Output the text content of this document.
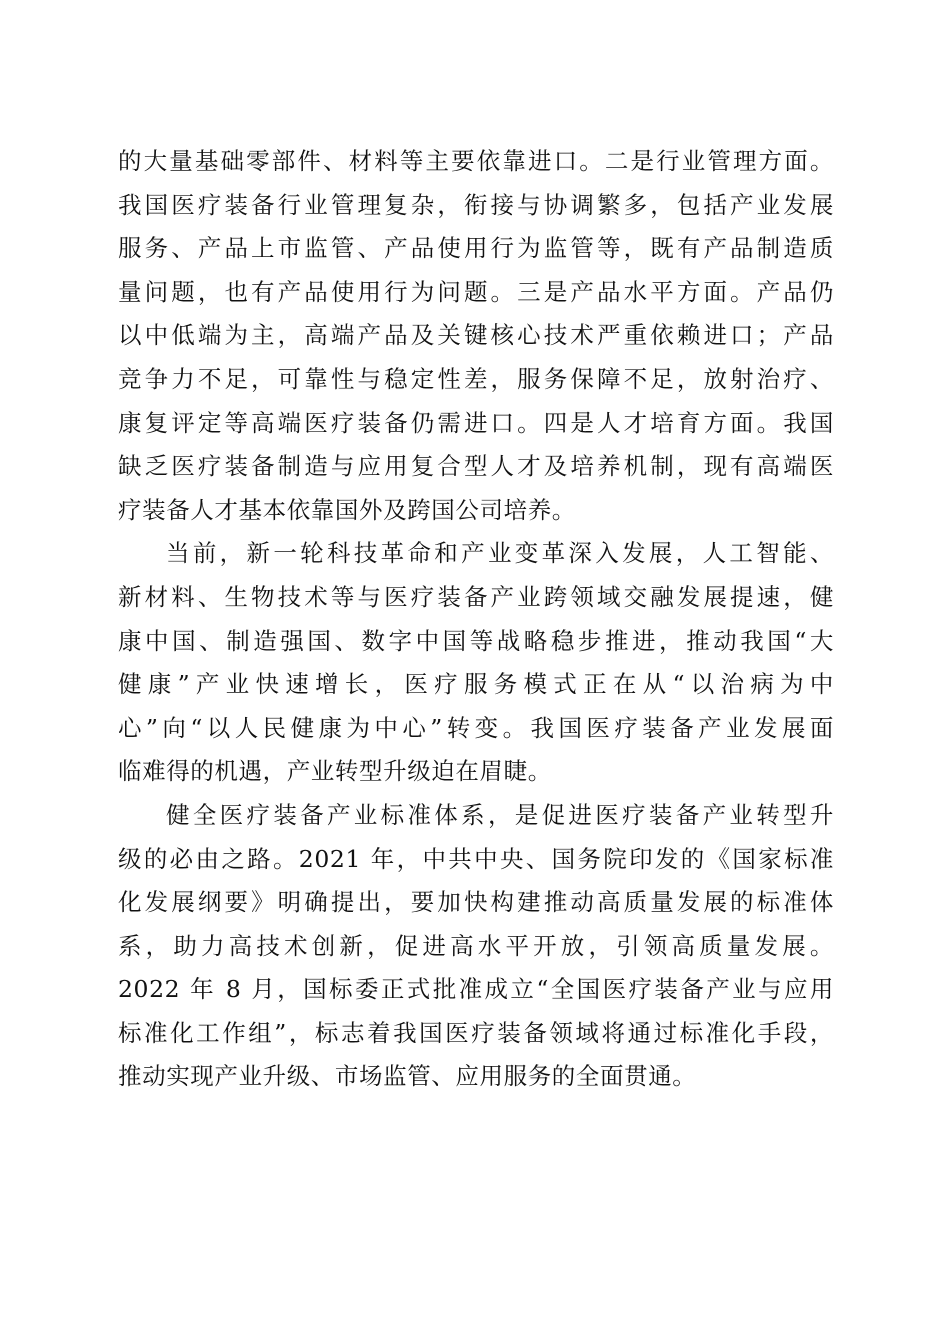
的大量基础零部件、材料等主要依靠进口。二是行业管理方面。
我国医疗装备行业管理复杂，衔接与协调繁多，包括产业发展
服务、产品上市监管、产品使用行为监管等，既有产品制造质
量问题，也有产品使用行为问题。三是产品水平方面。产品仍
以中低端为主，高端产品及关键核心技术严重依赖进口；产品
竞争力不足，可靠性与稳定性差，服务保障不足，放射治疗、
康复评定等高端医疗装备仍需进口。四是人才培育方面。我国
缺乏医疗装备制造与应用复合型人才及培养机制，现有高端医
疗装备人才基本依靠国外及跨国公司培养。

当前，新一轮科技革命和产业变革深入发展，人工智能、
新材料、生物技术等与医疗装备产业跨领域交融发展提速，健
康中国、制造强国、数字中国等战略稳步推进，推动我国“大
健康”产业快速增长，医疗服务模式正在从“以治病为中
心”向“以人民健康为中心”转变。我国医疗装备产业发展面
临难得的机遇，产业转型升级迫在眉睫。

健全医疗装备产业标准体系，是促进医疗装备产业转型升
级的必由之路。2021 年，中共中央、国务院印发的《国家标准
化发展纲要》明确提出，要加快构建推动高质量发展的标准体
系，助力高技术创新，促进高水平开放，引领高质量发展。
2022 年 8 月，国标委正式批准成立“全国医疗装备产业与应用
标准化工作组”，标志着我国医疗装备领域将通过标准化手段，
推动实现产业升级、市场监管、应用服务的全面贯通。
